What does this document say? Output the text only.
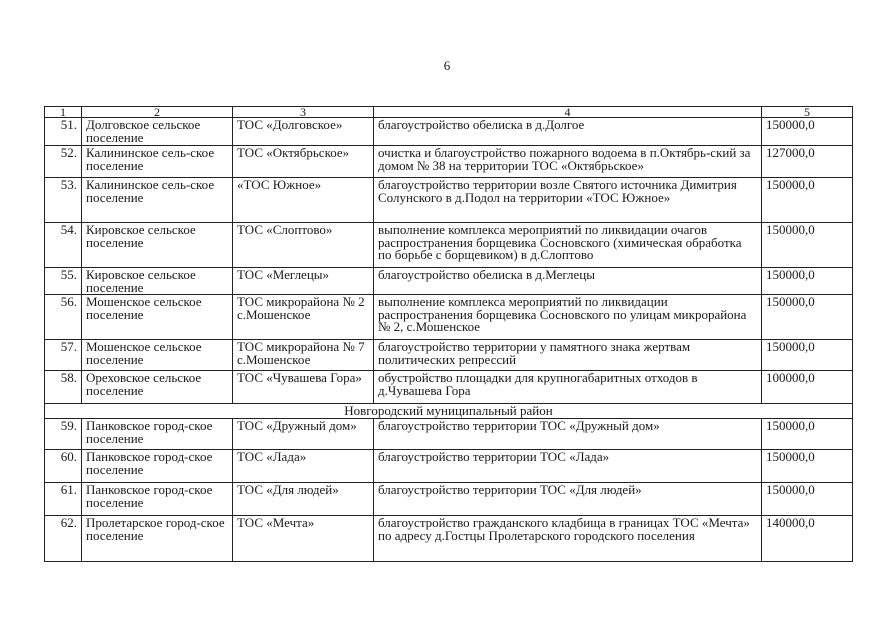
6
1	2	3	4	5
51.	Долговское сельское поселение	ТОС «Долговское»	благоустройство обелиска в д.Долгое	150000,0
52.	Калининское сель-ское поселение	ТОС «Октябрьское»	очистка и благоустройство пожарного водоема в п.Октябрь-ский за домом № 38 на территории ТОС «Октябрьское»	127000,0
53.	Калининское сель-ское поселение	«ТОС Южное»	благоустройство территории возле Святого источника Димитрия Солунского в д.Подол на территории «ТОС Южное»	150000,0
54.	Кировское сельское поселение	ТОС «Слоптово»	выполнение комплекса мероприятий по ликвидации очагов распространения борщевика Сосновского (химическая обработка по борьбе с борщевиком) в д.Слоптово	150000,0
55.	Кировское сельское поселение	ТОС «Меглецы»	благоустройство обелиска в д.Меглецы	150000,0
56.	Мошенское сельское поселение	ТОС микрорайона № 2 с.Мошенское	выполнение комплекса мероприятий по ликвидации распространения борщевика Сосновского по улицам микрорайона № 2, с.Мошенское	150000,0
57.	Мошенское сельское поселение	ТОС микрорайона № 7 с.Мошенское	благоустройство территории у памятного знака жертвам политических репрессий	150000,0
58.	Ореховское сельское поселение	ТОС «Чувашева Гора»	обустройство площадки для крупногабаритных отходов в д.Чувашева Гора	100000,0
Новгородский муниципальный район				
59.	Панковское город-ское поселение	ТОС «Дружный дом»	благоустройство территории ТОС «Дружный дом»	150000,0
60.	Панковское город-ское поселение	ТОС «Лада»	благоустройство территории ТОС «Лада»	150000,0
61.	Панковское город-ское поселение	ТОС «Для людей»	благоустройство территории ТОС «Для людей»	150000,0
62.	Пролетарское город-ское поселение	ТОС «Мечта»	благоустройство гражданского кладбища в границах ТОС «Мечта» по адресу д.Гостцы Пролетарского городского поселения	140000,0
